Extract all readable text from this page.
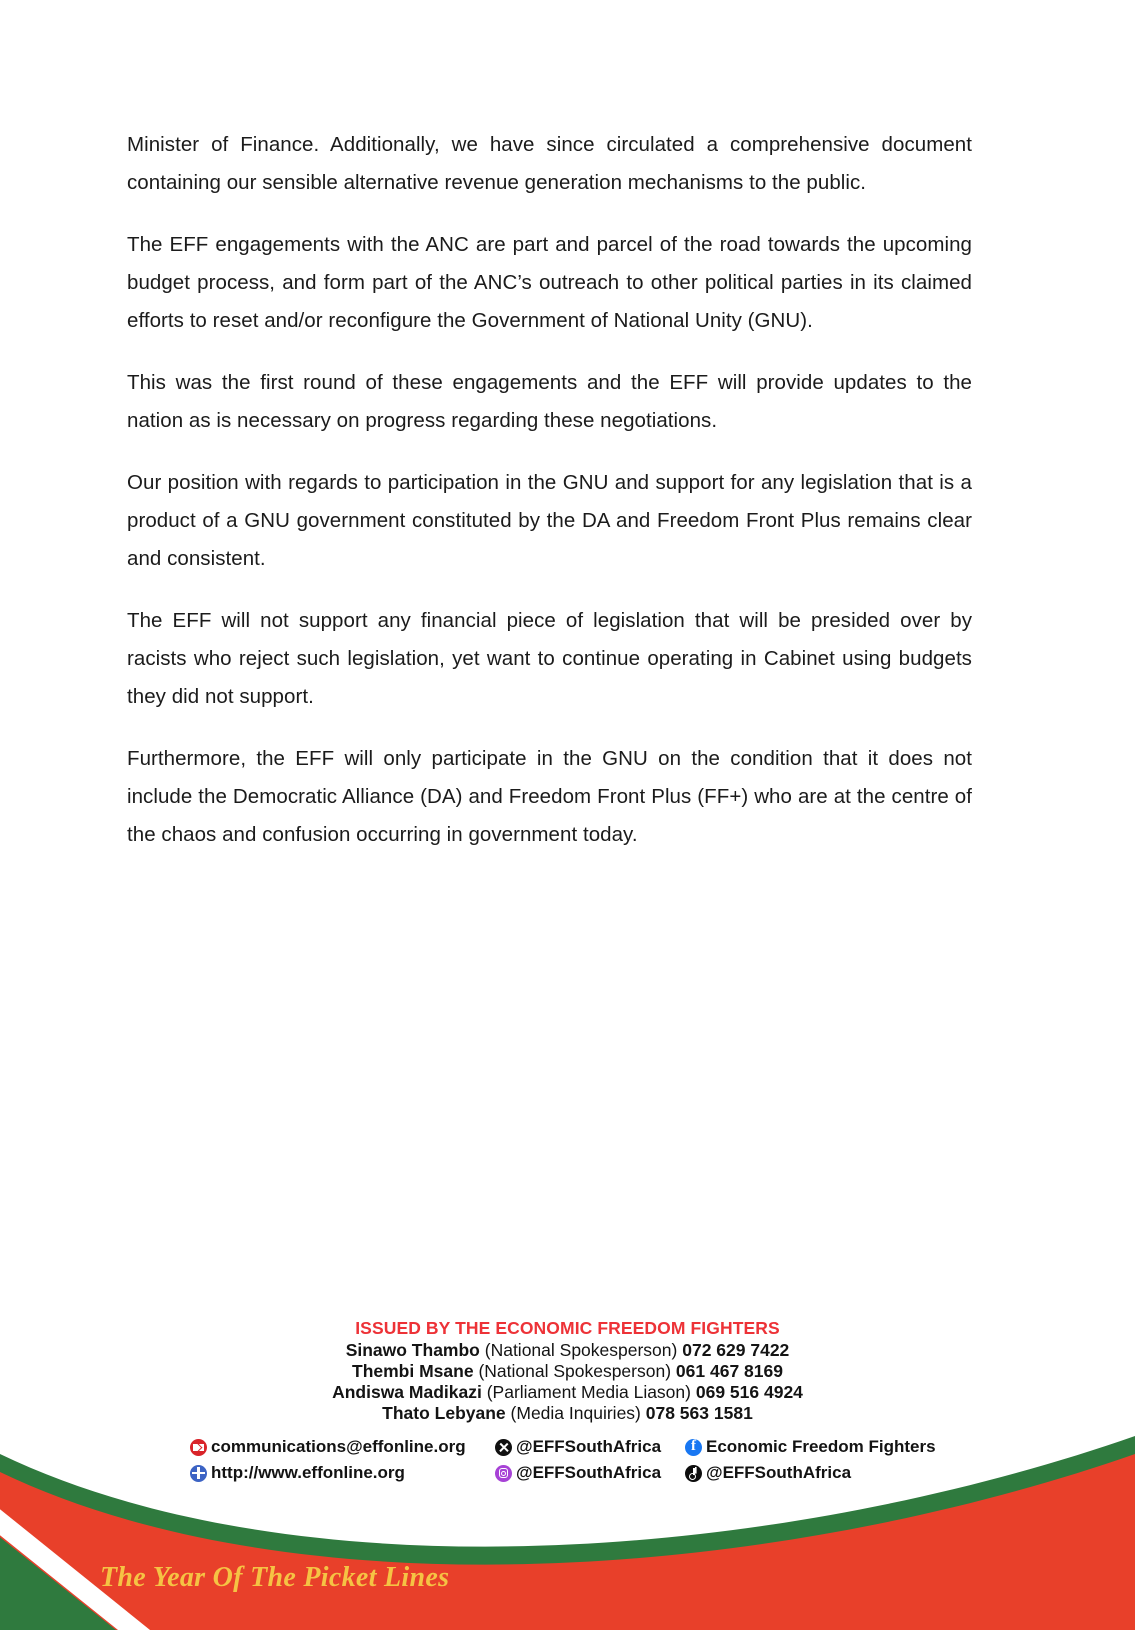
Minister of Finance. Additionally, we have since circulated a comprehensive document containing our sensible alternative revenue generation mechanisms to the public.

The EFF engagements with the ANC are part and parcel of the road towards the upcoming budget process, and form part of the ANC’s outreach to other political parties in its claimed efforts to reset and/or reconfigure the Government of National Unity (GNU).

This was the first round of these engagements and the EFF will provide updates to the nation as is necessary on progress regarding these negotiations.

Our position with regards to participation in the GNU and support for any legislation that is a product of a GNU government constituted by the DA and Freedom Front Plus remains clear and consistent.

The EFF will not support any financial piece of legislation that will be presided over by racists who reject such legislation, yet want to continue operating in Cabinet using budgets they did not support.

Furthermore, the EFF will only participate in the GNU on the condition that it does not include the Democratic Alliance (DA) and Freedom Front Plus (FF+) who are at the centre of the chaos and confusion occurring in government today.

ISSUED BY THE ECONOMIC FREEDOM FIGHTERS
Sinawo Thambo (National Spokesperson) 072 629 7422
Thembi Msane (National Spokesperson) 061 467 8169
Andiswa Madikazi (Parliament Media Liason) 069 516 4924
Thato Lebyane (Media Inquiries) 078 563 1581
communications@effonline.org
http://www.effonline.org
@EFFSouthAfrica
@EFFSouthAfrica
f
Economic Freedom Fighters
@EFFSouthAfrica
The Year Of The Picket Lines
